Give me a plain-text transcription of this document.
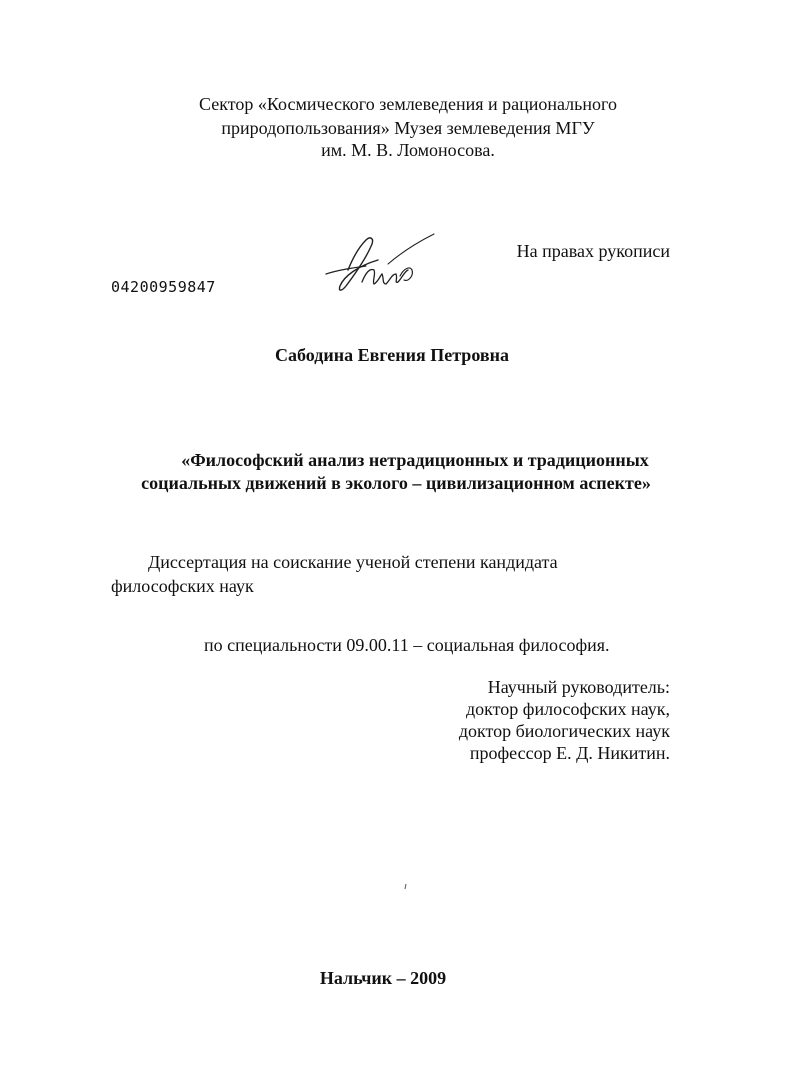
Сектор «Космического землеведения и рационального
природопользования» Музея землеведения МГУ
им. М. В. Ломоносова.
На правах рукописи
04200959847
Сабодина Евгения Петровна
«Философский анализ нетрадиционных и традиционных
социальных движений в эколого – цивилизационном аспекте»
Диссертация на соискание ученой степени кандидата
философских наук
по специальности 09.00.11 – социальная философия.
Научный руководитель:
доктор философских наук,
доктор биологических наук
профессор Е. Д. Никитин.
Нальчик – 2009
